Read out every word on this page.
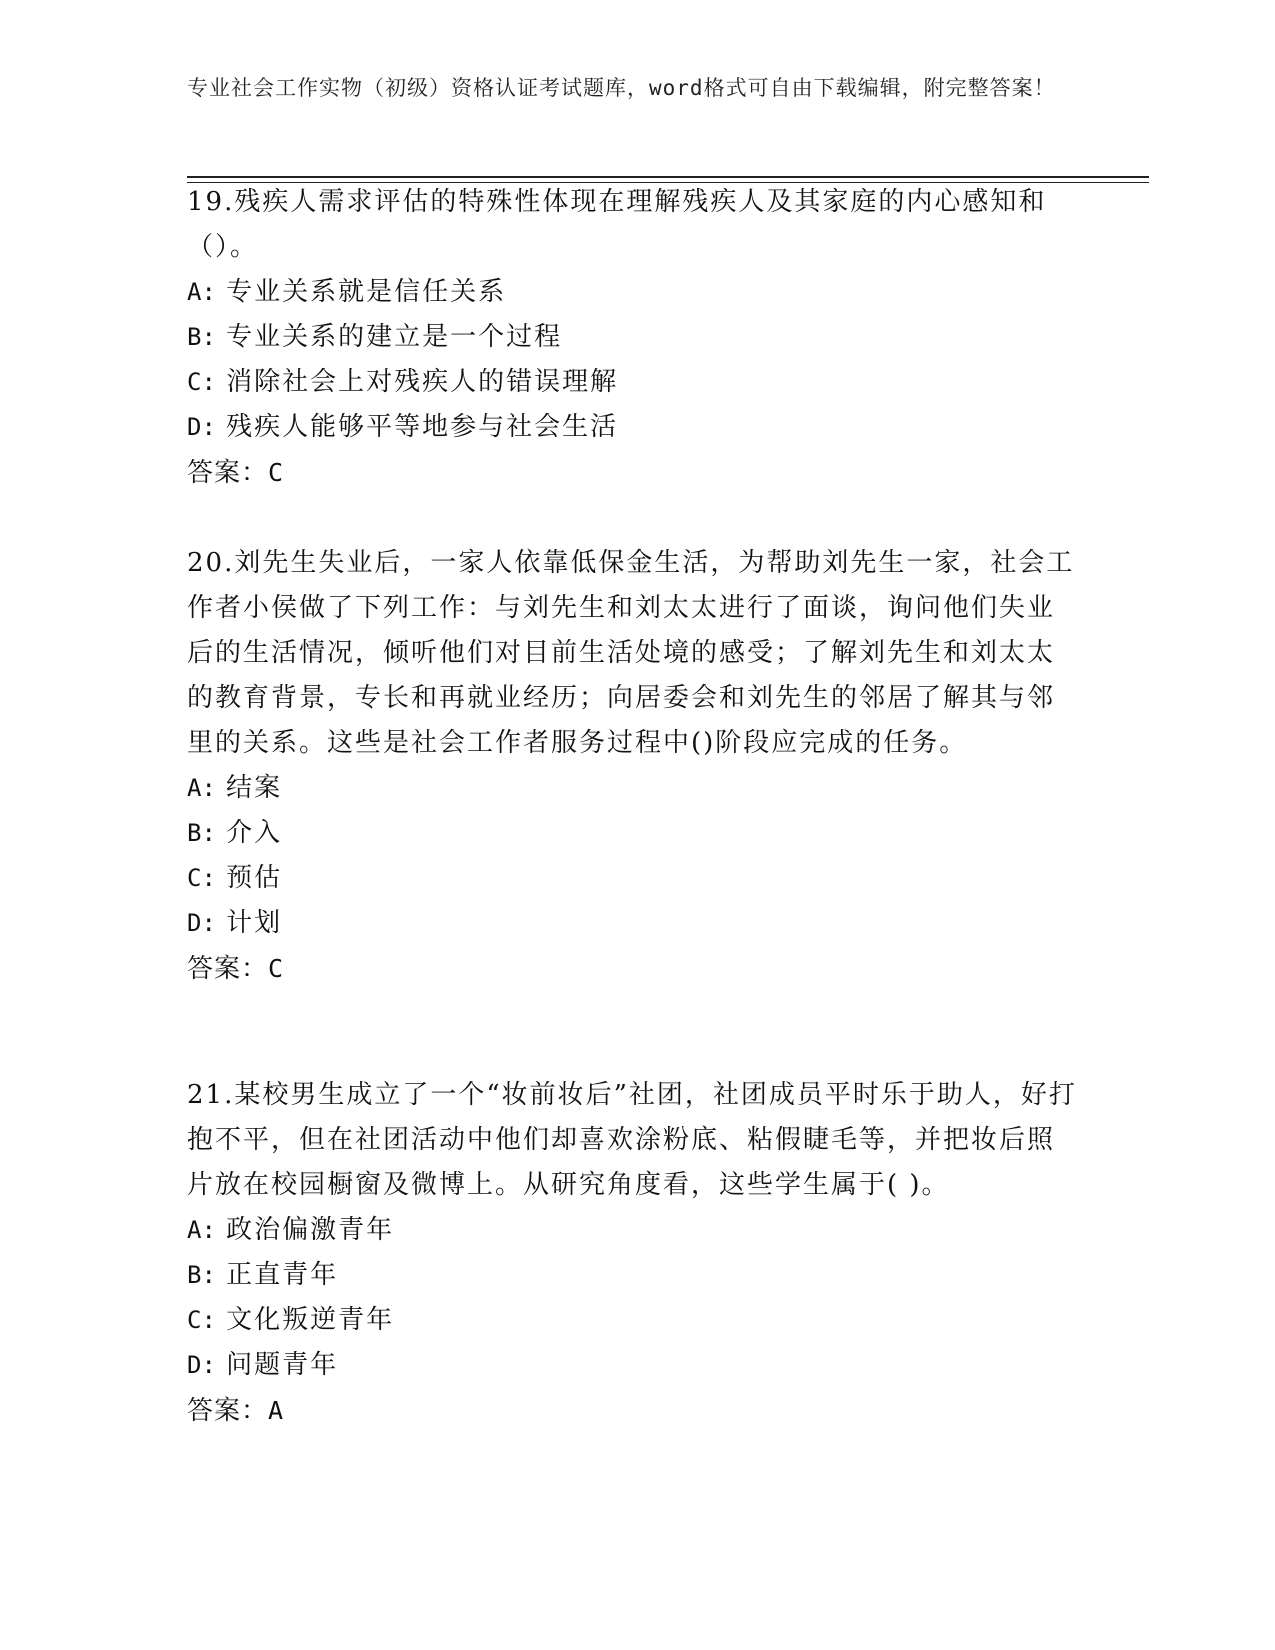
专业社会工作实物（初级）资格认证考试题库，word格式可自由下载编辑，附完整答案！

19.残疾人需求评估的特殊性体现在理解残疾人及其家庭的内心感知和（）。

A: 专业关系就是信任关系

B: 专业关系的建立是一个过程

C: 消除社会上对残疾人的错误理解

D: 残疾人能够平等地参与社会生活

答案：C

20.刘先生失业后，一家人依靠低保金生活，为帮助刘先生一家，社会工作者小侯做了下列工作：与刘先生和刘太太进行了面谈，询问他们失业后的生活情况，倾听他们对目前生活处境的感受；了解刘先生和刘太太的教育背景，专长和再就业经历；向居委会和刘先生的邻居了解其与邻里的关系。这些是社会工作者服务过程中()阶段应完成的任务。

A: 结案

B: 介入

C: 预估

D: 计划

答案：C

21.某校男生成立了一个“妆前妆后”社团，社团成员平时乐于助人，好打抱不平，但在社团活动中他们却喜欢涂粉底、粘假睫毛等，并把妆后照片放在校园橱窗及微博上。从研究角度看，这些学生属于( )。

A: 政治偏激青年

B: 正直青年

C: 文化叛逆青年

D: 问题青年

答案：A
